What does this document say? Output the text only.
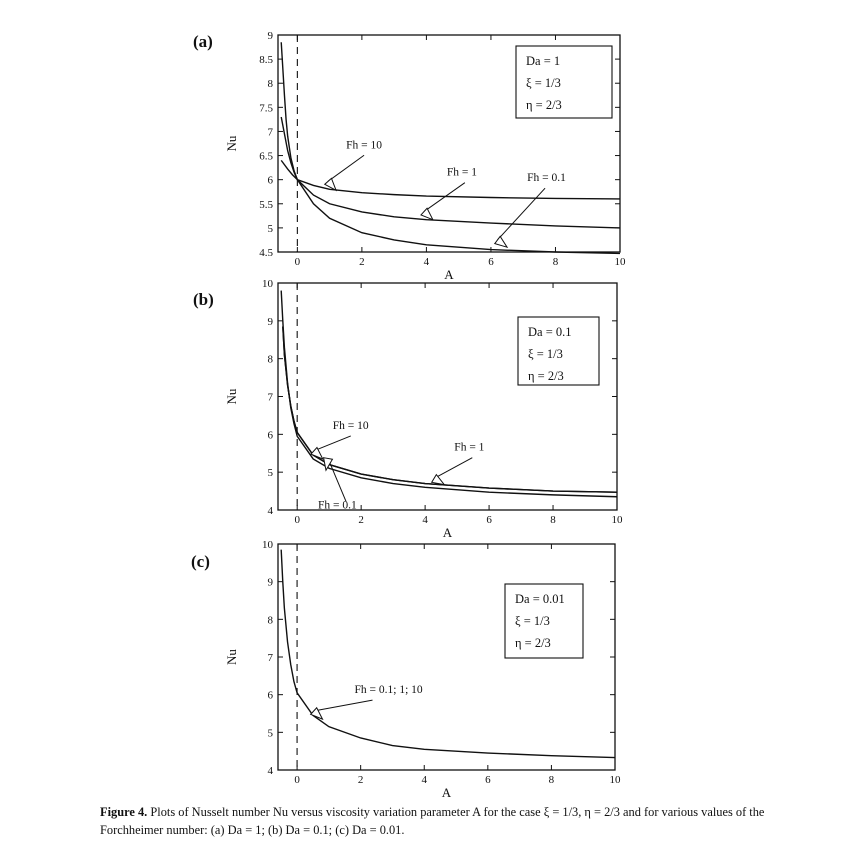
0	2	4	6	8	10
4.5
5
5.5
6
6.5
7
7.5
8
8.5
9
A
Nu
(a)
Fh = 10
Fh = 1	Fh = 0.1
Da = 1
ξ = 1/3
η = 2/3
0	2	4	6	8	10
4
5
6
7
8
9
10
A
Nu
(b)
Fh = 10
Fh = 1
Fh = 0.1
Da = 0.1
ξ = 1/3
η = 2/3
0	2	4	6	8	10
4
5
6
7
8
9
10
A
Nu
(c)
Fh = 0.1; 1; 10
Da = 0.01
ξ = 1/3
η = 2/3
Figure 4. Plots of Nusselt number Nu versus viscosity variation parameter A for the case ξ = 1/3, η = 2/3 and for various values of the Forchheimer number: (a) Da = 1; (b) Da = 0.1; (c) Da = 0.01.
